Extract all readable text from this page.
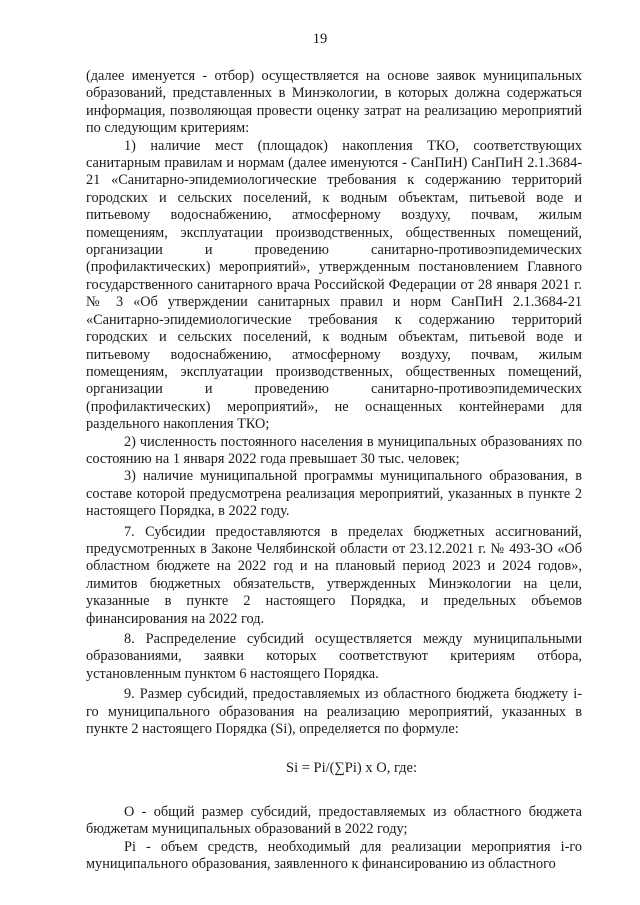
19

(далее именуется - отбор) осуществляется на основе заявок муниципальных образований, представленных в Минэкологии, в которых должна содержаться информация, позволяющая провести оценку затрат на реализацию мероприятий по следующим критериям:

1) наличие мест (площадок) накопления ТКО, соответствующих санитарным правилам и нормам (далее именуются - СанПиН) СанПиН 2.1.3684-21 «Санитарно-эпидемиологические требования к содержанию территорий городских и сельских поселений, к водным объектам, питьевой воде и питьевому водоснабжению, атмосферному воздуху, почвам, жилым помещениям, эксплуатации производственных, общественных помещений, организации и проведению санитарно-противоэпидемических (профилактических) мероприятий», утвержденным постановлением Главного государственного санитарного врача Российской Федерации от 28 января 2021 г. № 3 «Об утверждении санитарных правил и норм СанПиН 2.1.3684-21 «Санитарно-эпидемиологические требования к содержанию территорий городских и сельских поселений, к водным объектам, питьевой воде и питьевому водоснабжению, атмосферному воздуху, почвам, жилым помещениям, эксплуатации производственных, общественных помещений, организации и проведению санитарно-противоэпидемических (профилактических) мероприятий», не оснащенных контейнерами для раздельного накопления ТКО;

2) численность постоянного населения в муниципальных образованиях по состоянию на 1 января 2022 года превышает 30 тыс. человек;

3) наличие муниципальной программы муниципального образования, в составе которой предусмотрена реализация мероприятий, указанных в пункте 2 настоящего Порядка, в 2022 году.

7. Субсидии предоставляются в пределах бюджетных ассигнований, предусмотренных в Законе Челябинской области от 23.12.2021 г. № 493-ЗО «Об областном бюджете на 2022 год и на плановый период 2023 и 2024 годов», лимитов бюджетных обязательств, утвержденных Минэкологии на цели, указанные в пункте 2 настоящего Порядка, и предельных объемов финансирования на 2022 год.

8. Распределение субсидий осуществляется между муниципальными образованиями, заявки которых соответствуют критериям отбора, установленным пунктом 6 настоящего Порядка.

9. Размер субсидий, предоставляемых из областного бюджета бюджету i-го муниципального образования на реализацию мероприятий, указанных в пункте 2 настоящего Порядка (Si), определяется по формуле:

Si = Pi/(∑Pi) x O, где:

O - общий размер субсидий, предоставляемых из областного бюджета бюджетам муниципальных образований в 2022 году;

Pi - объем средств, необходимый для реализации мероприятия i-го муниципального образования, заявленного к финансированию из областного
